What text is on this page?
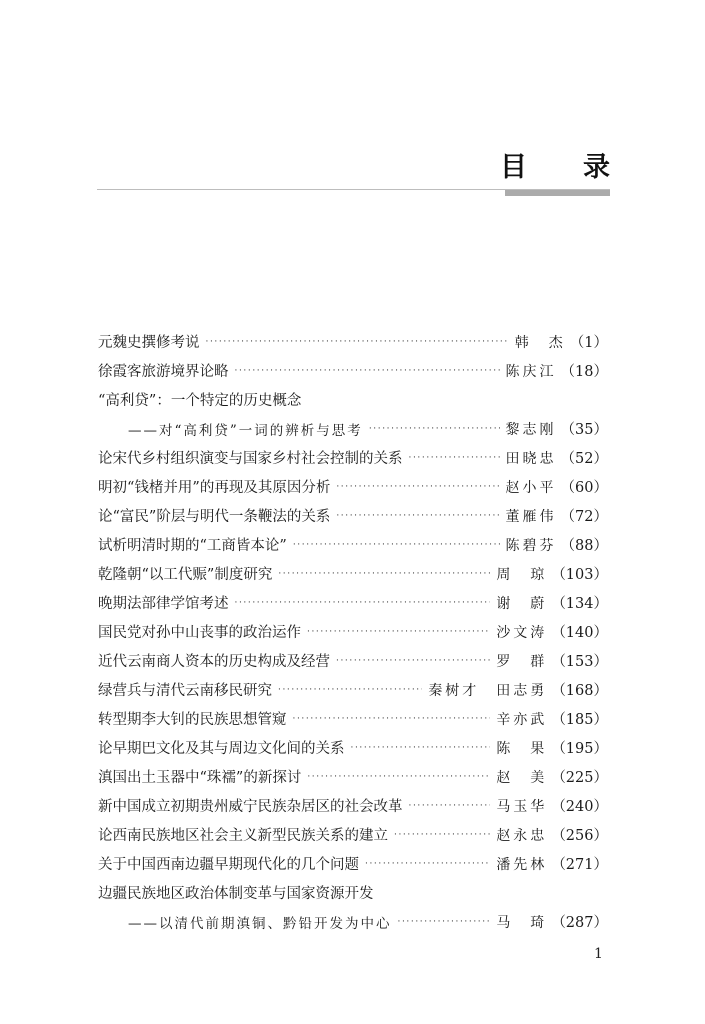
目 录
元魏史撰修考说 ·····	韩　杰 （1）
徐霞客旅游境界论略 ·····	陈庆江 （18）
“高利贷”：一个特定的历史概念
——对“高利贷”一词的辨析与思考 ·····	黎志刚 （35）
论宋代乡村组织演变与国家乡村社会控制的关系 ·····	田晓忠 （52）
明初“钱楮并用”的再现及其原因分析 ·····	赵小平 （60）
论“富民”阶层与明代一条鞭法的关系 ·····	董雁伟 （72）
试析明清时期的“工商皆本论” ·····	陈碧芬 （88）
乾隆朝“以工代赈”制度研究 ·····	周　琼 （103）
晚期法部律学馆考述 ·····	谢　蔚 （134）
国民党对孙中山丧事的政治运作 ·····	沙文涛 （140）
近代云南商人资本的历史构成及经营 ·····	罗　群 （153）
绿营兵与清代云南移民研究 ·····	秦树才　田志勇 （168）
转型期李大钊的民族思想管窥 ·····	辛亦武 （185）
论早期巴文化及其与周边文化间的关系 ·····	陈　果 （195）
滇国出土玉器中“珠襦”的新探讨 ·····	赵　美 （225）
新中国成立初期贵州威宁民族杂居区的社会改革 ·····	马玉华 （240）
论西南民族地区社会主义新型民族关系的建立 ·····	赵永忠 （256）
关于中国西南边疆早期现代化的几个问题 ·····	潘先林 （271）
边疆民族地区政治体制变革与国家资源开发
——以清代前期滇铜、黔铅开发为中心 ·····	马　琦 （287）
1
